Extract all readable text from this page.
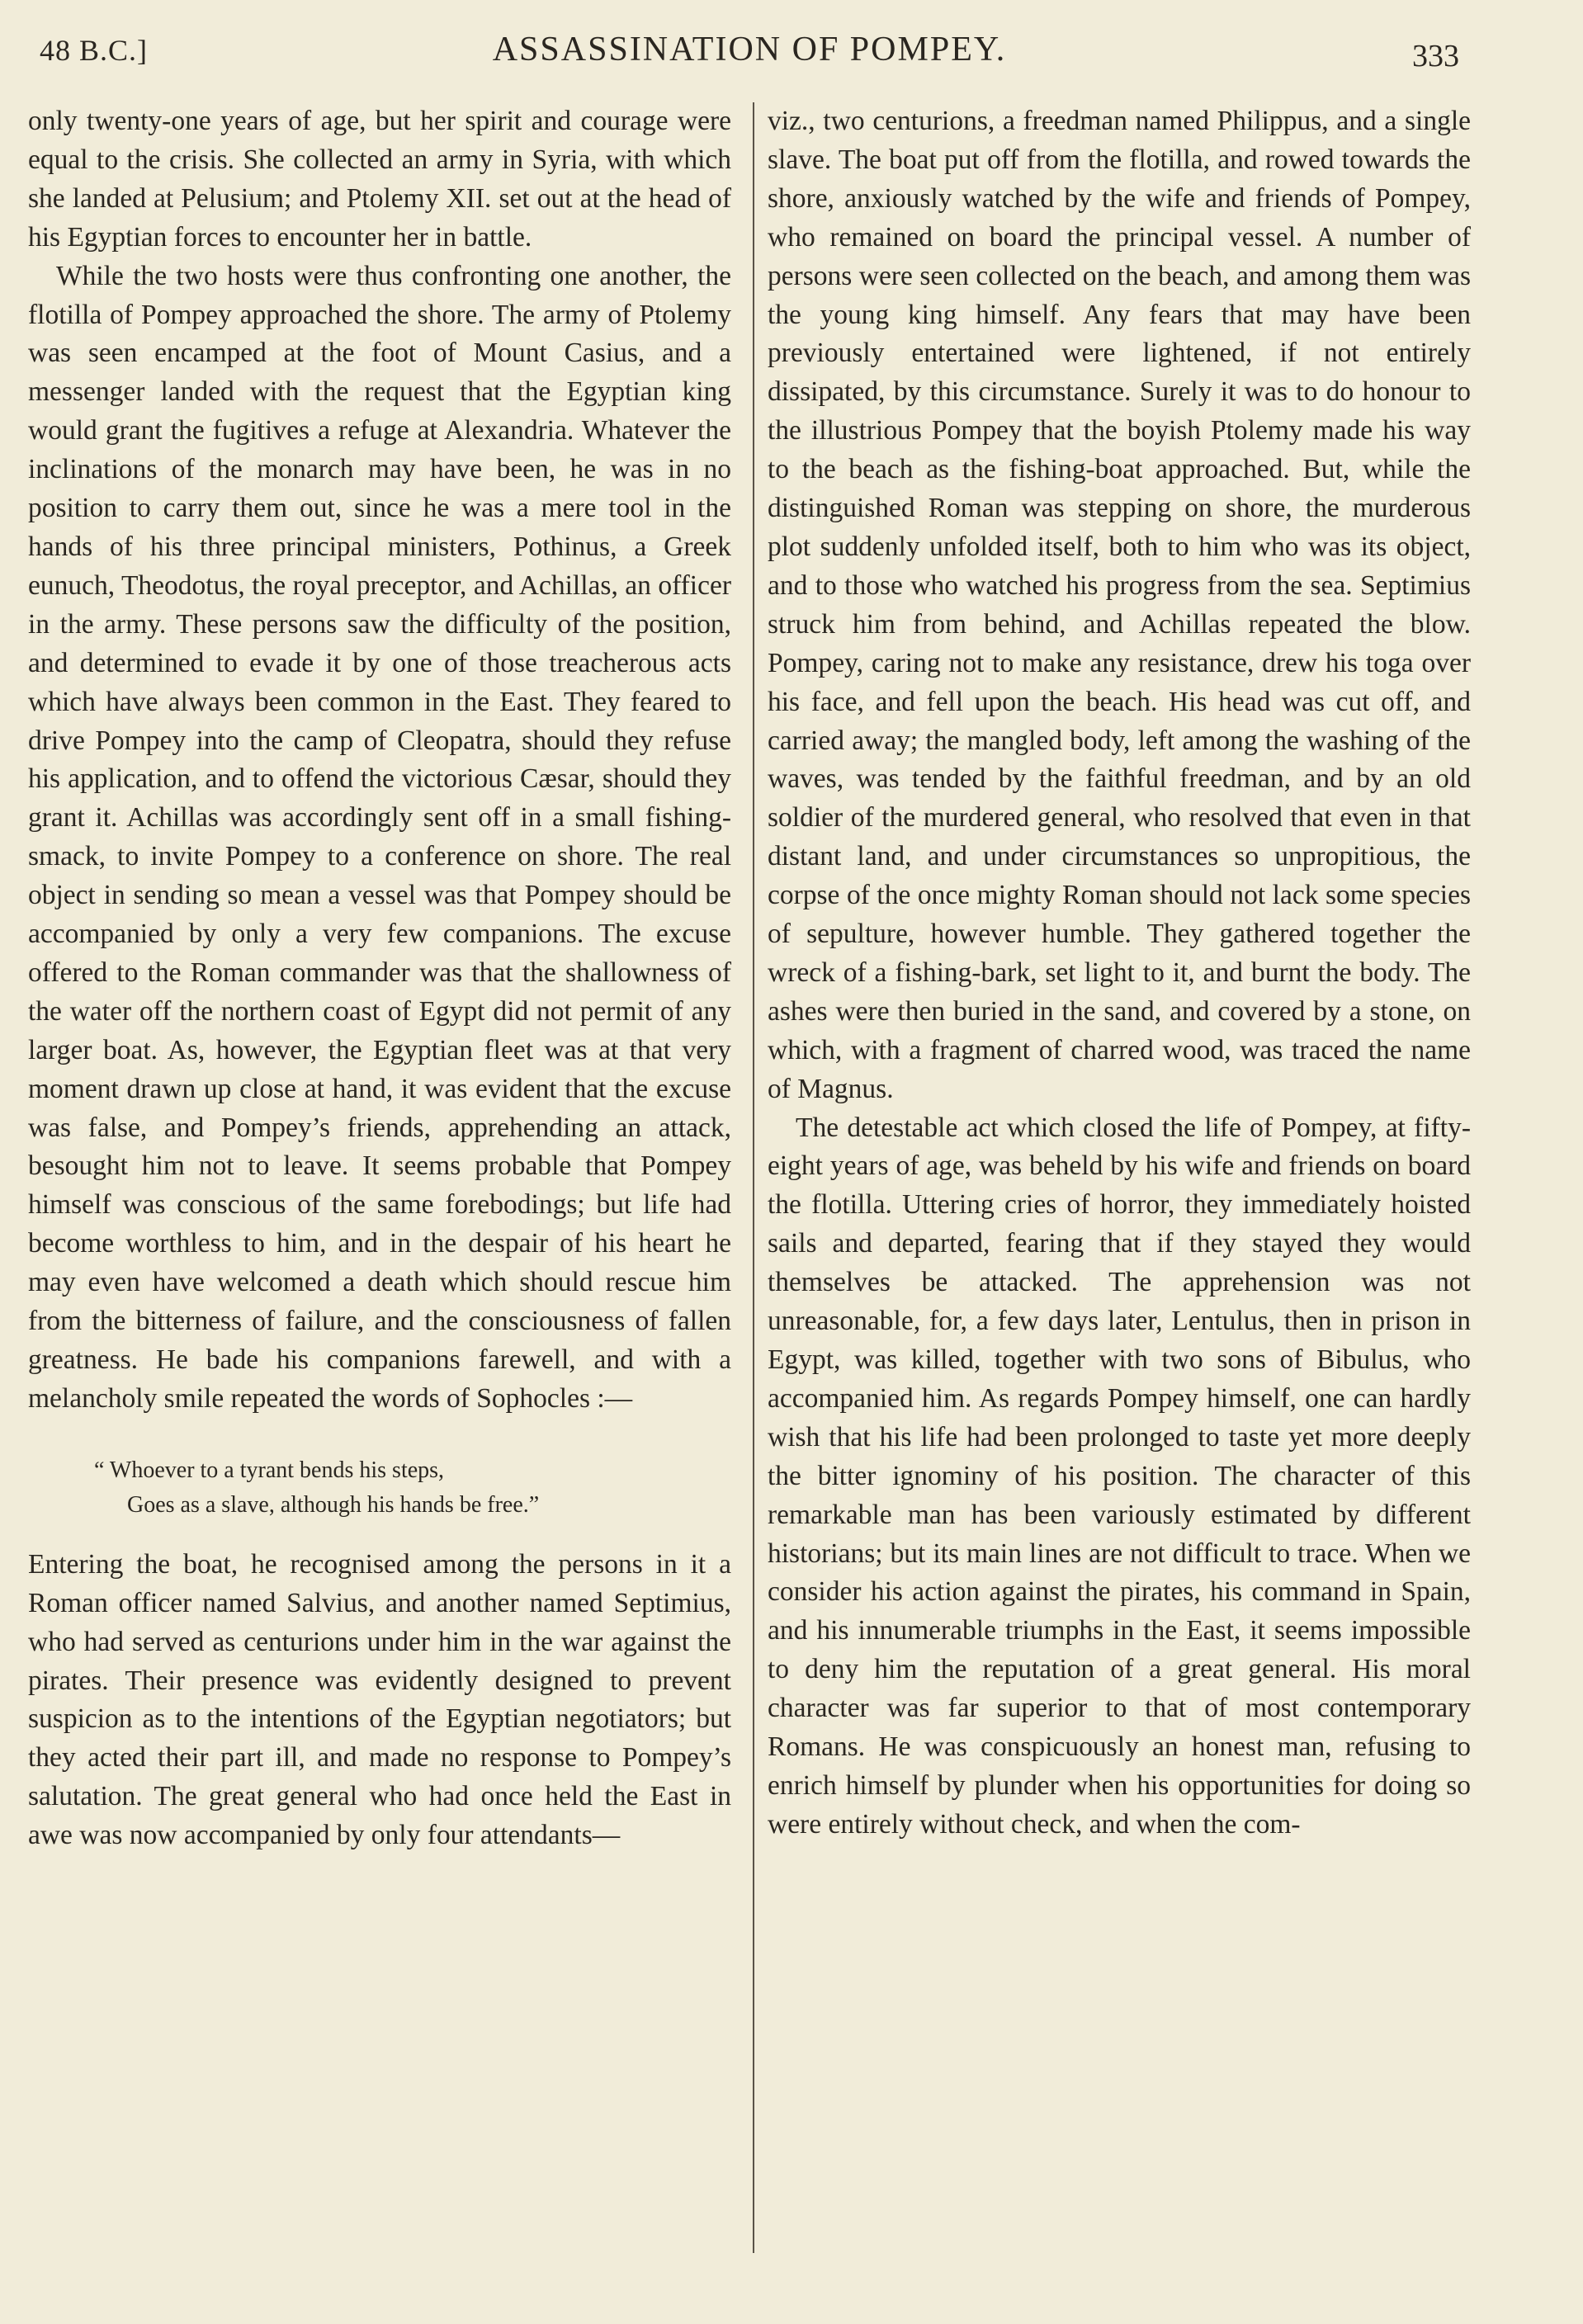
48 B.C.]	ASSASSINATION OF POMPEY.	333

only twenty-one years of age, but her spirit and courage were equal to the crisis. She collected an army in Syria, with which she landed at Pelusium; and Ptolemy XII. set out at the head of his Egyptian forces to encounter her in battle.

While the two hosts were thus confronting one another, the flotilla of Pompey approached the shore. The army of Ptolemy was seen encamped at the foot of Mount Casius, and a messenger landed with the request that the Egyptian king would grant the fugitives a refuge at Alexandria. Whatever the inclinations of the monarch may have been, he was in no position to carry them out, since he was a mere tool in the hands of his three principal ministers, Pothinus, a Greek eunuch, Theodotus, the royal preceptor, and Achillas, an officer in the army. These persons saw the difficulty of the position, and determined to evade it by one of those treacherous acts which have always been common in the East. They feared to drive Pompey into the camp of Cleopatra, should they refuse his application, and to offend the victorious Cæsar, should they grant it. Achillas was accordingly sent off in a small fishing-smack, to invite Pompey to a conference on shore. The real object in sending so mean a vessel was that Pompey should be accompanied by only a very few companions. The excuse offered to the Roman commander was that the shallowness of the water off the northern coast of Egypt did not permit of any larger boat. As, however, the Egyptian fleet was at that very moment drawn up close at hand, it was evident that the excuse was false, and Pompey’s friends, apprehending an attack, besought him not to leave. It seems probable that Pompey himself was conscious of the same forebodings; but life had become worthless to him, and in the despair of his heart he may even have welcomed a death which should rescue him from the bitterness of failure, and the consciousness of fallen greatness. He bade his companions farewell, and with a melancholy smile repeated the words of Sophocles :—

“ Whoever to a tyrant bends his steps,
Goes as a slave, although his hands be free.”

Entering the boat, he recognised among the persons in it a Roman officer named Salvius, and another named Septimius, who had served as centurions under him in the war against the pirates. Their presence was evidently designed to prevent suspicion as to the intentions of the Egyptian negotiators; but they acted their part ill, and made no response to Pompey’s salutation. The great general who had once held the East in awe was now accompanied by only four attendants—

viz., two centurions, a freedman named Philippus, and a single slave. The boat put off from the flotilla, and rowed towards the shore, anxiously watched by the wife and friends of Pompey, who remained on board the principal vessel. A number of persons were seen collected on the beach, and among them was the young king himself. Any fears that may have been previously entertained were lightened, if not entirely dissipated, by this circumstance. Surely it was to do honour to the illustrious Pompey that the boyish Ptolemy made his way to the beach as the fishing-boat approached. But, while the distinguished Roman was stepping on shore, the murderous plot suddenly unfolded itself, both to him who was its object, and to those who watched his progress from the sea. Septimius struck him from behind, and Achillas repeated the blow. Pompey, caring not to make any resistance, drew his toga over his face, and fell upon the beach. His head was cut off, and carried away; the mangled body, left among the washing of the waves, was tended by the faithful freedman, and by an old soldier of the murdered general, who resolved that even in that distant land, and under circumstances so unpropitious, the corpse of the once mighty Roman should not lack some species of sepulture, however humble. They gathered together the wreck of a fishing-bark, set light to it, and burnt the body. The ashes were then buried in the sand, and covered by a stone, on which, with a fragment of charred wood, was traced the name of Magnus.

The detestable act which closed the life of Pompey, at fifty-eight years of age, was beheld by his wife and friends on board the flotilla. Uttering cries of horror, they immediately hoisted sails and departed, fearing that if they stayed they would themselves be attacked. The apprehension was not unreasonable, for, a few days later, Lentulus, then in prison in Egypt, was killed, together with two sons of Bibulus, who accompanied him. As regards Pompey himself, one can hardly wish that his life had been prolonged to taste yet more deeply the bitter ignominy of his position. The character of this remarkable man has been variously estimated by different historians; but its main lines are not difficult to trace. When we consider his action against the pirates, his command in Spain, and his innumerable triumphs in the East, it seems impossible to deny him the reputation of a great general. His moral character was far superior to that of most contemporary Romans. He was conspicuously an honest man, refusing to enrich himself by plunder when his opportunities for doing so were entirely without check, and when the com-
